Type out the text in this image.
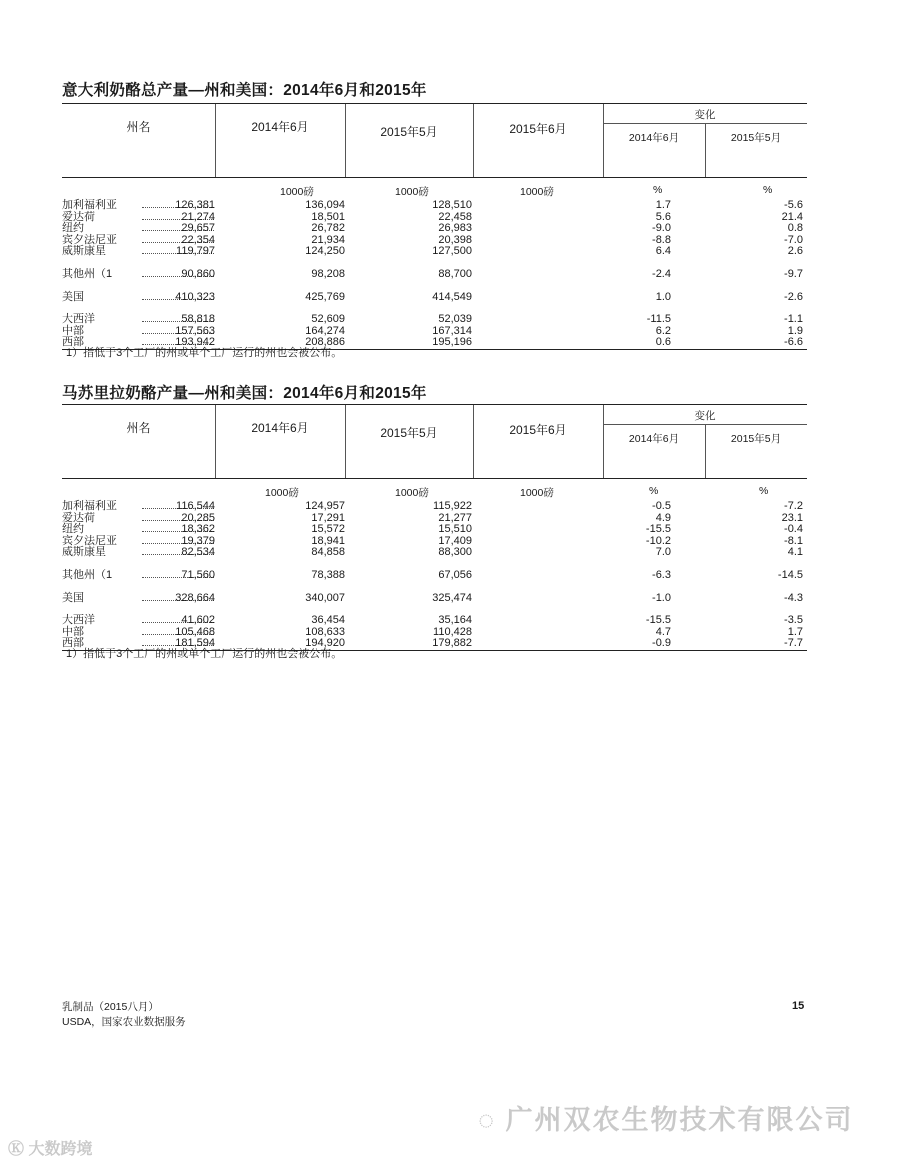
意大利奶酪总产量—州和美国：2014年6月和2015年
州名	2014年6月	2015年5月	2015年6月
变化
2014年6月	2015年5月
1000磅	1000磅	1000磅	%	%
加利福利亚	126,381	136,094	128,510	1.7	-5.6
爱达荷	21,274	18,501	22,458	5.6	21.4
纽约	29,657	26,782	26,983	-9.0	0.8
宾夕法尼亚	22,354	21,934	20,398	-8.8	-7.0
威斯康星	119,797	124,250	127,500	6.4	2.6
其他州（1	90,860	98,208	88,700	-2.4	-9.7
美国	410,323	425,769	414,549	1.0	-2.6
大西洋	58,818	52,609	52,039	-11.5	-1.1
中部	157,563	164,274	167,314	6.2	1.9
西部	193,942	208,886	195,196	0.6	-6.6
1）指低于3个工厂的州或单个工厂运行的州也会被公布。
马苏里拉奶酪产量—州和美国：2014年6月和2015年
州名	2014年6月	2015年5月	2015年6月
变化
2014年6月	2015年5月
1000磅	1000磅	1000磅	%	%
加利福利亚	116,544	124,957	115,922	-0.5	-7.2
爱达荷	20,285	17,291	21,277	4.9	23.1
纽约	18,362	15,572	15,510	-15.5	-0.4
宾夕法尼亚	19,379	18,941	17,409	-10.2	-8.1
威斯康星	82,534	84,858	88,300	7.0	4.1
其他州（1	71,560	78,388	67,056	-6.3	-14.5
美国	328,664	340,007	325,474	-1.0	-4.3
大西洋	41,602	36,454	35,164	-15.5	-3.5
中部	105,468	108,633	110,428	4.7	1.7
西部	181,594	194,920	179,882	-0.9	-7.7
1）指低于3个工厂的州或单个工厂运行的州也会被公布。
乳制品（2015八月）
USDA，国家农业数据服务
15
◌ 广州双农生物技术有限公司
Ⓚ 大数跨境
